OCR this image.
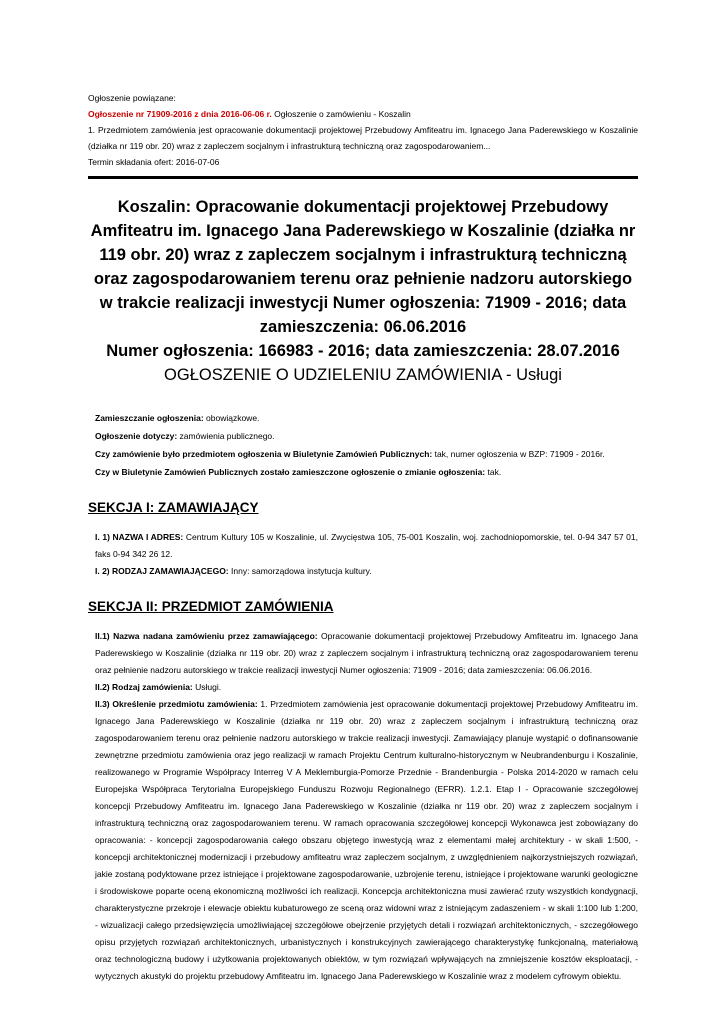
Ogłoszenie powiązane:

Ogłoszenie nr 71909-2016 z dnia 2016-06-06 r. Ogłoszenie o zamówieniu - Koszalin

1. Przedmiotem zamówienia jest opracowanie dokumentacji projektowej Przebudowy Amfiteatru im. Ignacego Jana Paderewskiego w Koszalinie (działka nr 119 obr. 20) wraz z zapleczem socjalnym i infrastrukturą techniczną oraz zagospodarowaniem...

Termin składania ofert: 2016-07-06

Koszalin: Opracowanie dokumentacji projektowej Przebudowy Amfiteatru im. Ignacego Jana Paderewskiego w Koszalinie (działka nr 119 obr. 20) wraz z zapleczem socjalnym i infrastrukturą techniczną oraz zagospodarowaniem terenu oraz pełnienie nadzoru autorskiego w trakcie realizacji inwestycji Numer ogłoszenia: 71909 - 2016; data zamieszczenia: 06.06.2016

Numer ogłoszenia: 166983 - 2016; data zamieszczenia: 28.07.2016

OGŁOSZENIE O UDZIELENIU ZAMÓWIENIA - Usługi

Zamieszczanie ogłoszenia: obowiązkowe.

Ogłoszenie dotyczy: zamówienia publicznego.

Czy zamówienie było przedmiotem ogłoszenia w Biuletynie Zamówień Publicznych: tak, numer ogłoszenia w BZP: 71909 - 2016r.

Czy w Biuletynie Zamówień Publicznych zostało zamieszczone ogłoszenie o zmianie ogłoszenia: tak.

SEKCJA I: ZAMAWIAJĄCY

I. 1) NAZWA I ADRES: Centrum Kultury 105 w Koszalinie, ul. Zwycięstwa 105, 75-001 Koszalin, woj. zachodniopomorskie, tel. 0-94 347 57 01, faks 0-94 342 26 12.

I. 2) RODZAJ ZAMAWIAJĄCEGO: Inny: samorządowa instytucja kultury.

SEKCJA II: PRZEDMIOT ZAMÓWIENIA

II.1) Nazwa nadana zamówieniu przez zamawiającego: Opracowanie dokumentacji projektowej Przebudowy Amfiteatru im. Ignacego Jana Paderewskiego w Koszalinie (działka nr 119 obr. 20) wraz z zapleczem socjalnym i infrastrukturą techniczną oraz zagospodarowaniem terenu oraz pełnienie nadzoru autorskiego w trakcie realizacji inwestycji Numer ogłoszenia: 71909 - 2016; data zamieszczenia: 06.06.2016.

II.2) Rodzaj zamówienia: Usługi.

II.3) Określenie przedmiotu zamówienia: 1. Przedmiotem zamówienia jest opracowanie dokumentacji projektowej Przebudowy Amfiteatru im. Ignacego Jana Paderewskiego w Koszalinie (działka nr 119 obr. 20) wraz z zapleczem socjalnym i infrastrukturą techniczną oraz zagospodarowaniem terenu oraz pełnienie nadzoru autorskiego w trakcie realizacji inwestycji. Zamawiający planuje wystąpić o dofinansowanie zewnętrzne przedmiotu zamówienia oraz jego realizacji w ramach Projektu Centrum kulturalno-historycznym w Neubrandenburgu i Koszalinie, realizowanego w Programie Współpracy Interreg V A Meklemburgia-Pomorze Przednie - Brandenburgia - Polska 2014-2020 w ramach celu Europejska Współpraca Terytorialna Europejskiego Funduszu Rozwoju Regionalnego (EFRR). 1.2.1. Etap I - Opracowanie szczegółowej koncepcji Przebudowy Amfiteatru im. Ignacego Jana Paderewskiego w Koszalinie (działka nr 119 obr. 20) wraz z zapleczem socjalnym i infrastrukturą techniczną oraz zagospodarowaniem terenu. W ramach opracowania szczegółowej koncepcji Wykonawca jest zobowiązany do opracowania: - koncepcji zagospodarowania całego obszaru objętego inwestycją wraz z elementami małej architektury - w skali 1:500, - koncepcji architektonicznej modernizacji i przebudowy amfiteatru wraz zapleczem socjalnym, z uwzględnieniem najkorzystniejszych rozwiązań, jakie zostaną podyktowane przez istniejące i projektowane zagospodarowanie, uzbrojenie terenu, istniejące i projektowane warunki geologiczne i środowiskowe poparte oceną ekonomiczną możliwości ich realizacji. Koncepcja architektoniczna musi zawierać rzuty wszystkich kondygnacji, charakterystyczne przekroje i elewacje obiektu kubaturowego ze sceną oraz widowni wraz z istniejącym zadaszeniem - w skali 1:100 lub 1:200, - wizualizacji całego przedsięwzięcia umożliwiającej szczegółowe obejrzenie przyjętych detali i rozwiązań architektonicznych, - szczegółowego opisu przyjętych rozwiązań architektonicznych, urbanistycznych i konstrukcyjnych zawierającego charakterystykę funkcjonalną, materiałową oraz technologiczną budowy i użytkowania projektowanych obiektów, w tym rozwiązań wpływających na zmniejszenie kosztów eksploatacji, - wytycznych akustyki do projektu przebudowy Amfiteatru im. Ignacego Jana Paderewskiego w Koszalinie wraz z modelem cyfrowym obiektu.
